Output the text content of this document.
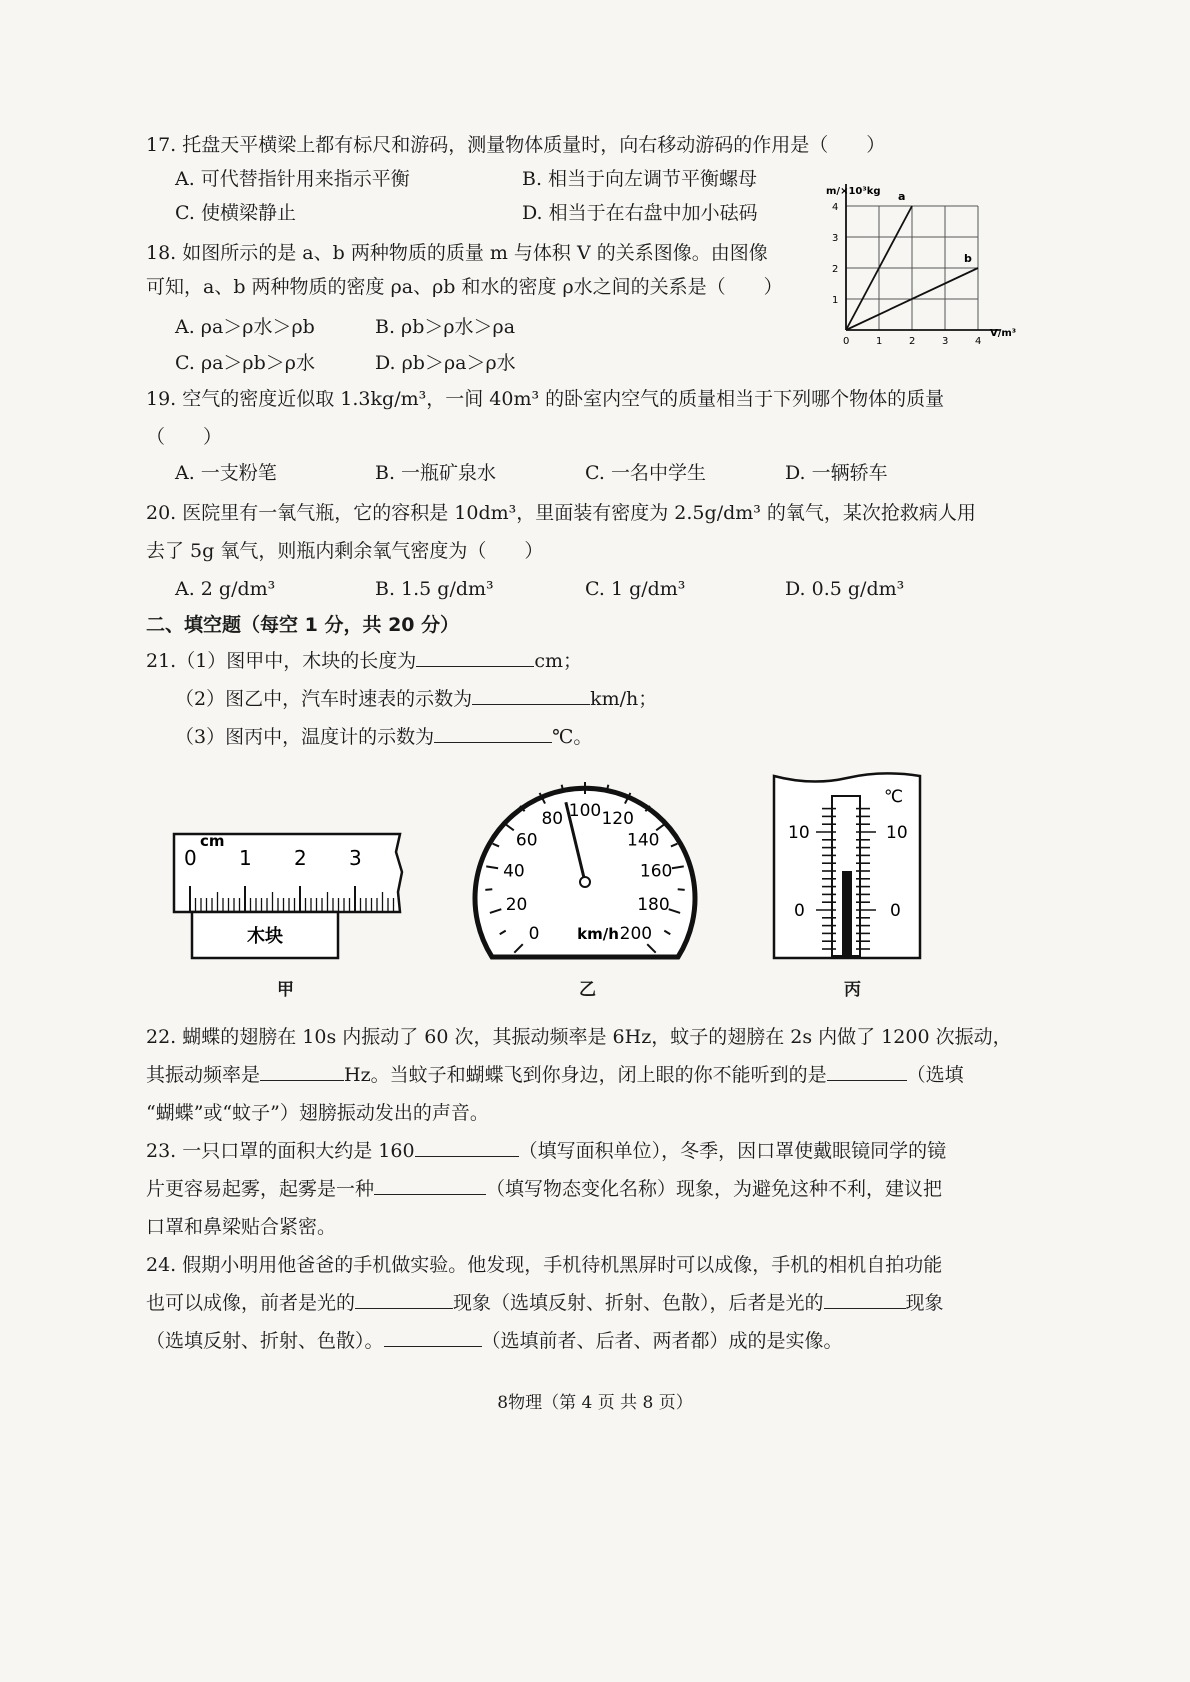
17. 托盘天平横梁上都有标尺和游码，测量物体质量时，向右移动游码的作用是（　　）
A. 可代替指针用来指示平衡	B. 相当于向左调节平衡螺母
C. 使横梁静止	D. 相当于在右盘中加小砝码
18. 如图所示的是 a、b 两种物质的质量 m 与体积 V 的关系图像。由图像
可知，a、b 两种物质的密度 ρa、ρb 和水的密度 ρ水之间的关系是（　　）
A. ρa＞ρ水＞ρb	B. ρb＞ρ水＞ρa
C. ρa＞ρb＞ρ水	D. ρb＞ρa＞ρ水
m/×10³kg
V/m³
0	1	2	3	4
1
2
3
4
a
b
19. 空气的密度近似取 1.3kg/m³，一间 40m³ 的卧室内空气的质量相当于下列哪个物体的质量
（　　）
A. 一支粉笔	B. 一瓶矿泉水	C. 一名中学生	D. 一辆轿车
20. 医院里有一氧气瓶，它的容积是 10dm³，里面装有密度为 2.5g/dm³ 的氧气，某次抢救病人用
去了 5g 氧气，则瓶内剩余氧气密度为（　　）
A. 2 g/dm³	B. 1.5 g/dm³	C. 1 g/dm³	D. 0.5 g/dm³
二、填空题（每空 1 分，共 20 分）
21.（1）图甲中，木块的长度为	cm；
（2）图乙中，汽车时速表的示数为	km/h；
（3）图丙中，温度计的示数为	℃。
cm
0 1 2 3
木块
甲
0
20
40
60
80 100 120
140
160
180
200
km/h
乙
℃
10	10
0	0
丙
22. 蝴蝶的翅膀在 10s 内振动了 60 次，其振动频率是 6Hz，蚊子的翅膀在 2s 内做了 1200 次振动，
其振动频率是	Hz。当蚊子和蝴蝶飞到你身边，闭上眼的你不能听到的是	（选填
“蝴蝶”或“蚊子”）翅膀振动发出的声音。
23. 一只口罩的面积大约是 160	（填写面积单位），冬季，因口罩使戴眼镜同学的镜
片更容易起雾，起雾是一种	（填写物态变化名称）现象，为避免这种不利，建议把
口罩和鼻梁贴合紧密。
24. 假期小明用他爸爸的手机做实验。他发现，手机待机黑屏时可以成像，手机的相机自拍功能
也可以成像，前者是光的	现象（选填反射、折射、色散），后者是光的	现象
（选填反射、折射、色散）。	（选填前者、后者、两者都）成的是实像。
8物理（第 4 页 共 8 页）
